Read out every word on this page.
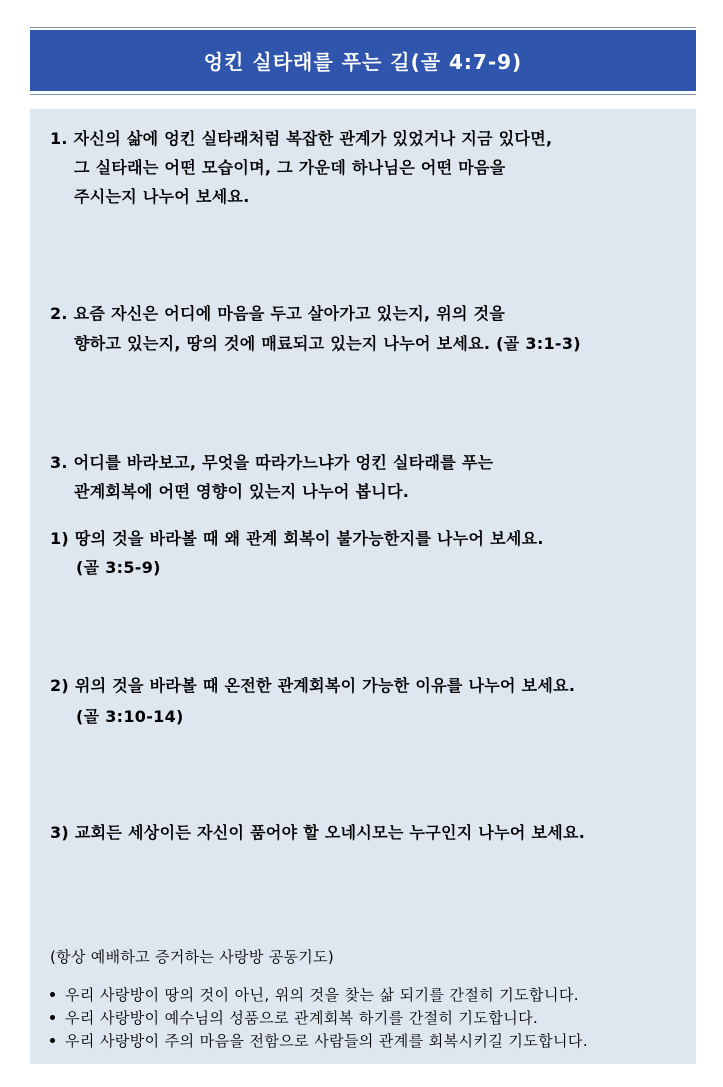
엉킨 실타래를 푸는 길(골 4:7-9)
1. 자신의 삶에 엉킨 실타래처럼 복잡한 관계가 있었거나 지금 있다면,
그 실타래는 어떤 모습이며, 그 가운데 하나님은 어떤 마음을
주시는지 나누어 보세요.
2. 요즘 자신은 어디에 마음을 두고 살아가고 있는지, 위의 것을
향하고 있는지, 땅의 것에 매료되고 있는지 나누어 보세요. (골 3:1-3)
3. 어디를 바라보고, 무엇을 따라가느냐가 엉킨 실타래를 푸는
관계회복에 어떤 영향이 있는지 나누어 봅니다.
1) 땅의 것을 바라볼 때 왜 관계 회복이 불가능한지를 나누어 보세요.
(골 3:5-9)
2) 위의 것을 바라볼 때 온전한 관계회복이 가능한 이유를 나누어 보세요.
(골 3:10-14)
3) 교회든 세상이든 자신이 품어야 할 오네시모는 누구인지 나누어 보세요.
(항상 예배하고 증거하는 사랑방 공동기도)
우리 사랑방이 땅의 것이 아닌, 위의 것을 찾는 삶 되기를 간절히 기도합니다.
우리 사랑방이 예수님의 성품으로 관계회복 하기를 간절히 기도합니다.
우리 사랑방이 주의 마음을 전함으로 사람들의 관계를 회복시키길 기도합니다.
